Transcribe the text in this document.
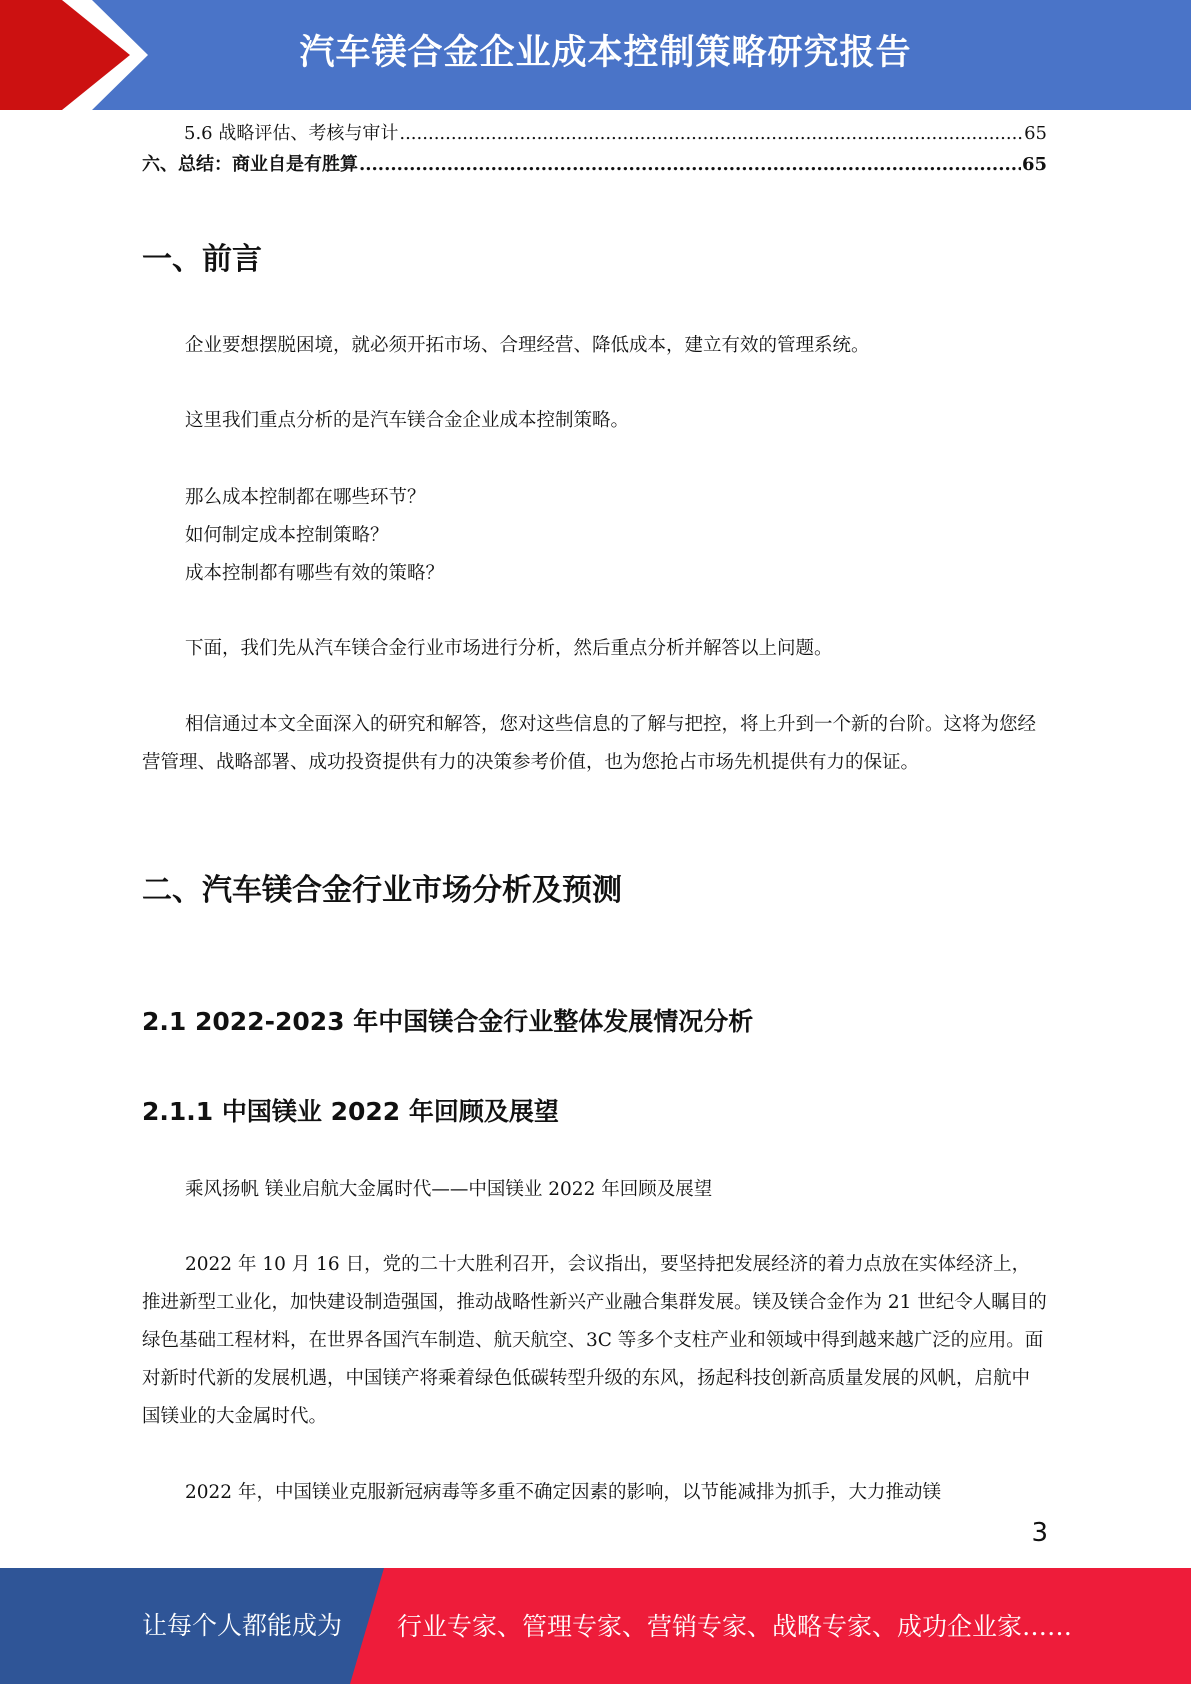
汽车镁合金企业成本控制策略研究报告
5.6 战略评估、考核与审计 .....	65
六、总结：商业自是有胜算 .....	65
一、前言

企业要想摆脱困境，就必须开拓市场、合理经营、降低成本，建立有效的管理系统。

这里我们重点分析的是汽车镁合金企业成本控制策略。

那么成本控制都在哪些环节？

如何制定成本控制策略？

成本控制都有哪些有效的策略？

下面，我们先从汽车镁合金行业市场进行分析，然后重点分析并解答以上问题。

相信通过本文全面深入的研究和解答，您对这些信息的了解与把控，将上升到一个新的台阶。这将为您经营管理、战略部署、成功投资提供有力的决策参考价值，也为您抢占市场先机提供有力的保证。

二、汽车镁合金行业市场分析及预测
2.1 2022-2023 年中国镁合金行业整体发展情况分析
2.1.1 中国镁业 2022 年回顾及展望

乘风扬帆 镁业启航大金属时代——中国镁业 2022 年回顾及展望

2022 年 10 月 16 日，党的二十大胜利召开，会议指出，要坚持把发展经济的着力点放在实体经济上，推进新型工业化，加快建设制造强国，推动战略性新兴产业融合集群发展。镁及镁合金作为 21 世纪令人瞩目的绿色基础工程材料，在世界各国汽车制造、航天航空、3C 等多个支柱产业和领域中得到越来越广泛的应用。面对新时代新的发展机遇，中国镁产将乘着绿色低碳转型升级的东风，扬起科技创新高质量发展的风帆，启航中国镁业的大金属时代。

2022 年，中国镁业克服新冠病毒等多重不确定因素的影响，以节能减排为抓手，大力推动镁

3
让每个人都能成为 行业专家、管理专家、营销专家、战略专家、成功企业家……
